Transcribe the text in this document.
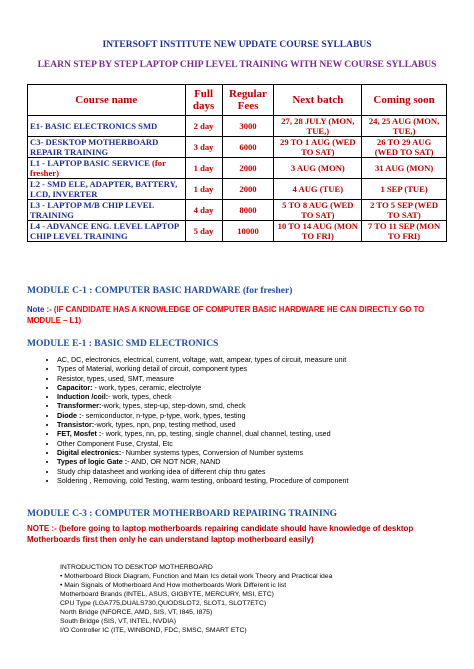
INTERSOFT INSTITUTE NEW UPDATE COURSE SYLLABUS
LEARN STEP BY STEP LAPTOP CHIP LEVEL TRAINING WITH NEW COURSE SYLLABUS
Course name	Full days	Regular Fees	Next batch	Coming soon
E1- BASIC ELECTRONICS SMD	2 day	3000	27, 28 JULY (MON, TUE,)	24, 25 AUG (MON, TUE,)
C3- DESKTOP MOTHERBOARD REPAIR TRAINING	3 day	6000	29 TO 1 AUG (WED TO SAT)	26 TO 29 AUG (WED TO SAT)
L1 - LAPTOP BASIC SERVICE (for fresher)	1 day	2000	3 AUG (MON)	31 AUG (MON)
L2 - SMD ELE, ADAPTER, BATTERY, LCD, INVERTER	1 day	2000	4 AUG (TUE)	1 SEP (TUE)
L3 - LAPTOP M/B CHIP LEVEL TRAINING	4 day	8000	5 TO 8 AUG (WED TO SAT)	2 TO 5 SEP (WED TO SAT)
L4 - ADVANCE ENG. LEVEL LAPTOP CHIP LEVEL TRAINING	5 day	10000	10 TO 14 AUG (MON TO FRI)	7 TO 11 SEP (MON TO FRI)
MODULE C-1 : COMPUTER BASIC HARDWARE (for fresher)
Note :- (IF CANDIDATE HAS A KNOWLEDGE OF COMPUTER BASIC HARDWARE HE CAN DIRECTLY GO TO MODULE – L1)
MODULE E-1 : BASIC SMD ELECTRONICS
• AC, DC, electronics, electrical, current, voltage, watt, ampear, types of circuit, measure unit
• Types of Material, working detail of circuit, component types
• Resistor, types, used, SMT, measure
• Capacitor: - work, types, ceramic, electrolyte
• Induction /coil:- work, types, check
• Transformer:-work, types, step-up, step-down, smd, check
• Diode :- semiconductor, n-type, p-type, work, types, testing
• Transistor:-work, types, npn, pnp, testing method, used
• FET, Mosfet :- work, types, nn, pp, testing, single channel, dual channel, testing, used
• Other Component Fuse, Crystal, Etc
• Digital electronics:- Number systems types, Conversion of Number systems
• Types of logic Gate :- AND, OR NOT NOR, NAND
• Study chip datasheet and working idea of different chip thru gates
• Soldering , Removing, cold Testing, warm testing, onboard testing, Procedure of component
MODULE C-3 : COMPUTER MOTHERBOARD REPAIRING TRAINING
NOTE :- (before going to laptop motherboards repairing candidate should have knowledge of desktop Motherboards first then only he can understand laptop motherboard easily)
INTRODUCTION TO DESKTOP MOTHERBOARD
• Motherboard Block Diagram, Function and Main Ics detail work Theory and Practical idea
• Main Signals of Motherboard And How motherboards Work Different ic list
Motherboard Brands (INTEL, ASUS, GIGBYTE, MERCURY, MSI, ETC)
CPU Type (LGA775,DUALS730,QUODSLOT2, SLOT1, SLOT7ETC)
North Bridge (NFORCE, AMD, SIS, VT, I845, I875)
South Bridge (SIS, VT, INTEL, NVDIA)
I/O Controller IC (ITE, WINBOND, FDC, SMSC, SMART ETC)
